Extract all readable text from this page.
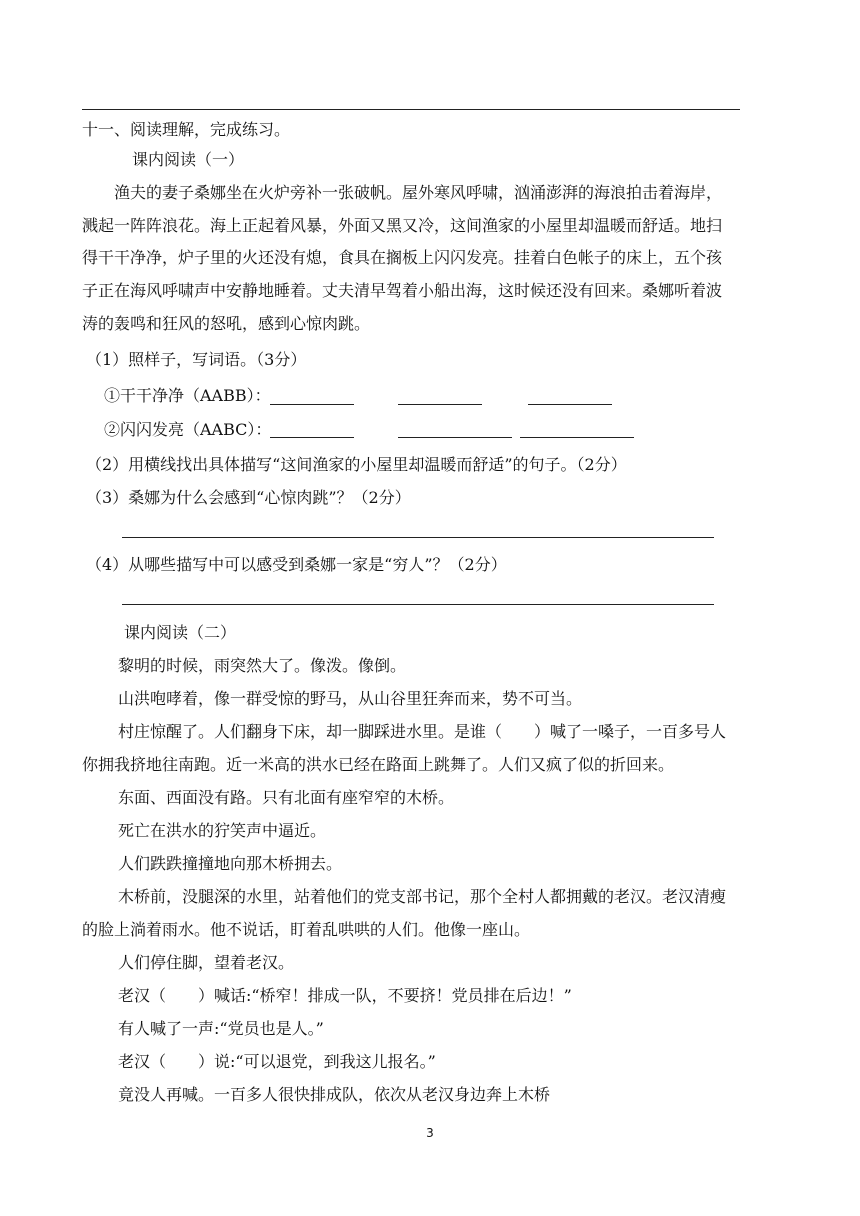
十一、阅读理解，完成练习。
课内阅读（一）
渔夫的妻子桑娜坐在火炉旁补一张破帆。屋外寒风呼啸，汹涌澎湃的海浪拍击着海岸，
溅起一阵阵浪花。海上正起着风暴，外面又黑又冷，这间渔家的小屋里却温暖而舒适。地扫
得干干净净，炉子里的火还没有熄，食具在搁板上闪闪发亮。挂着白色帐子的床上，五个孩
子正在海风呼啸声中安静地睡着。丈夫清早驾着小船出海，这时候还没有回来。桑娜听着波
涛的轰鸣和狂风的怒吼，感到心惊肉跳。
（1）照样子，写词语。（3分）
①干干净净（AABB）：
②闪闪发亮（AABC）：
（2）用横线找出具体描写“这间渔家的小屋里却温暖而舒适”的句子。（2分）
（3）桑娜为什么会感到“心惊肉跳”？（2分）
（4）从哪些描写中可以感受到桑娜一家是“穷人”？（2分）
课内阅读（二）
黎明的时候，雨突然大了。像泼。像倒。
山洪咆哮着，像一群受惊的野马，从山谷里狂奔而来，势不可当。
村庄惊醒了。人们翻身下床，却一脚踩进水里。是谁（　　）喊了一嗓子，一百多号人
你拥我挤地往南跑。近一米高的洪水已经在路面上跳舞了。人们又疯了似的折回来。
东面、西面没有路。只有北面有座窄窄的木桥。
死亡在洪水的狞笑声中逼近。
人们跌跌撞撞地向那木桥拥去。
木桥前，没腿深的水里，站着他们的党支部书记，那个全村人都拥戴的老汉。老汉清瘦
的脸上淌着雨水。他不说话，盯着乱哄哄的人们。他像一座山。
人们停住脚，望着老汉。
老汉（　　）喊话:“桥窄！排成一队，不要挤！党员排在后边！”
有人喊了一声:“党员也是人。”
老汉（　　）说:“可以退党，到我这儿报名。”
竟没人再喊。一百多人很快排成队，依次从老汉身边奔上木桥
3
